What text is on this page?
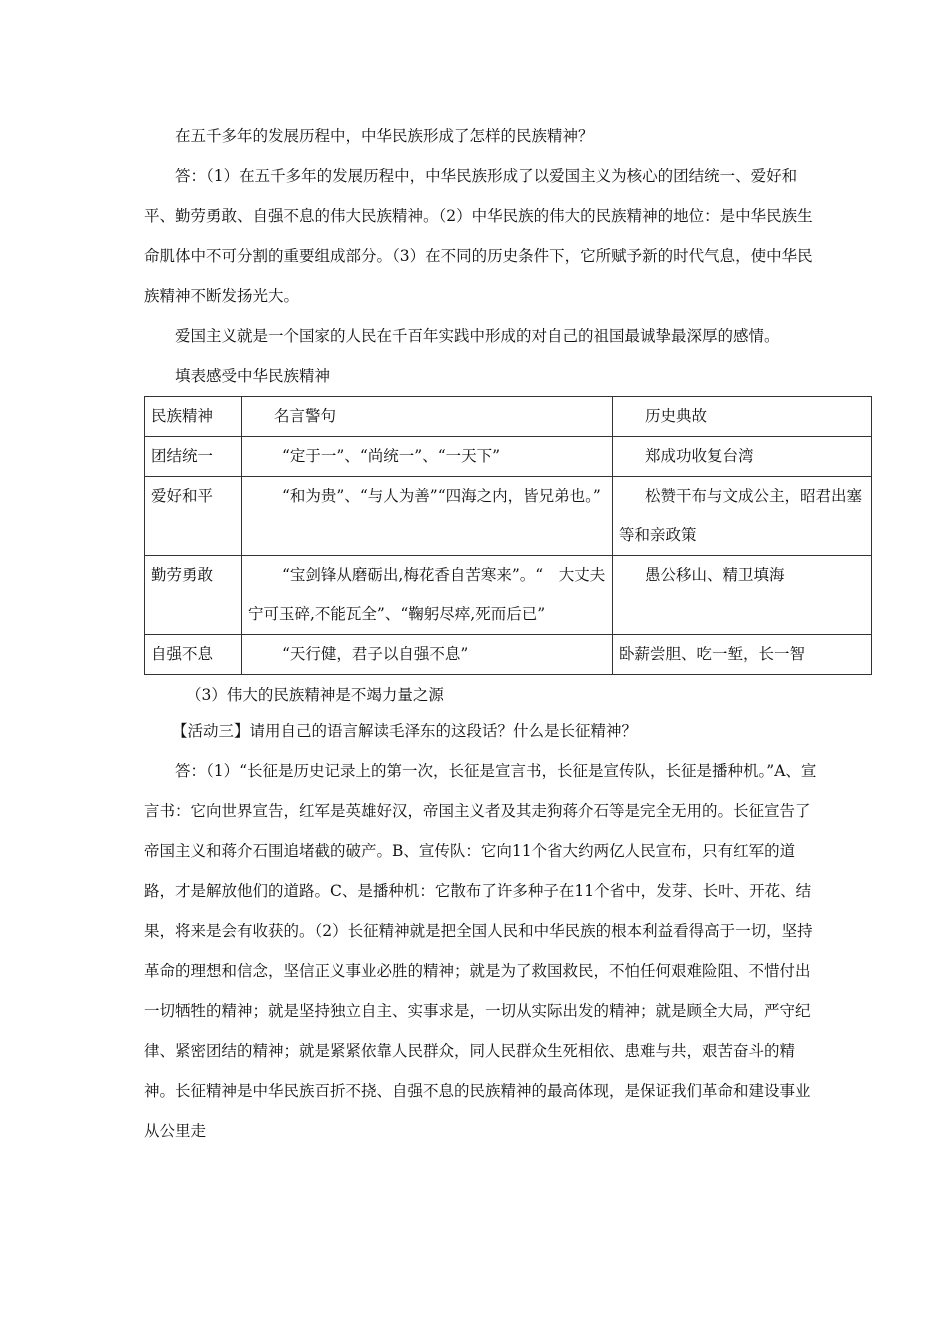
在五千多年的发展历程中，中华民族形成了怎样的民族精神？

答：（1）在五千多年的发展历程中，中华民族形成了以爱国主义为核心的团结统一、爱好和平、勤劳勇敢、自强不息的伟大民族精神。（2）中华民族的伟大的民族精神的地位：是中华民族生命肌体中不可分割的重要组成部分。（3）在不同的历史条件下，它所赋予新的时代气息，使中华民族精神不断发扬光大。

爱国主义就是一个国家的人民在千百年实践中形成的对自己的祖国最诚挚最深厚的感情。

填表感受中华民族精神

民族精神	名言警句	历史典故
团结统一	“定于一”、“尚统一”、“一天下”	郑成功收复台湾
爱好和平	“和为贵”、“与人为善”“四海之内，皆兄弟也。”	松赞干布与文成公主，昭君出塞等和亲政策
勤劳勇敢	“宝剑锋从磨砺出,梅花香自苦寒来”。“　大丈夫宁可玉碎,不能瓦全”、“鞠躬尽瘁,死而后已”	愚公移山、精卫填海
自强不息	“天行健，君子以自强不息”	卧薪尝胆、吃一堑，长一智

（3）伟大的民族精神是不竭力量之源

【活动三】请用自己的语言解读毛泽东的这段话？什么是长征精神？

答：（1）“长征是历史记录上的第一次，长征是宣言书，长征是宣传队，长征是播种机。”A、宣言书：它向世界宣告，红军是英雄好汉，帝国主义者及其走狗蒋介石等是完全无用的。长征宣告了帝国主义和蒋介石围追堵截的破产。B、宣传队：它向11个省大约两亿人民宣布，只有红军的道路，才是解放他们的道路。C、是播种机：它散布了许多种子在11个省中，发芽、长叶、开花、结果，将来是会有收获的。（2）长征精神就是把全国人民和中华民族的根本利益看得高于一切，坚持革命的理想和信念，坚信正义事业必胜的精神；就是为了救国救民，不怕任何艰难险阻、不惜付出一切牺牲的精神；就是坚持独立自主、实事求是，一切从实际出发的精神；就是顾全大局，严守纪律、紧密团结的精神；就是紧紧依靠人民群众，同人民群众生死相依、患难与共，艰苦奋斗的精神。长征精神是中华民族百折不挠、自强不息的民族精神的最高体现，是保证我们革命和建设事业从公里走
